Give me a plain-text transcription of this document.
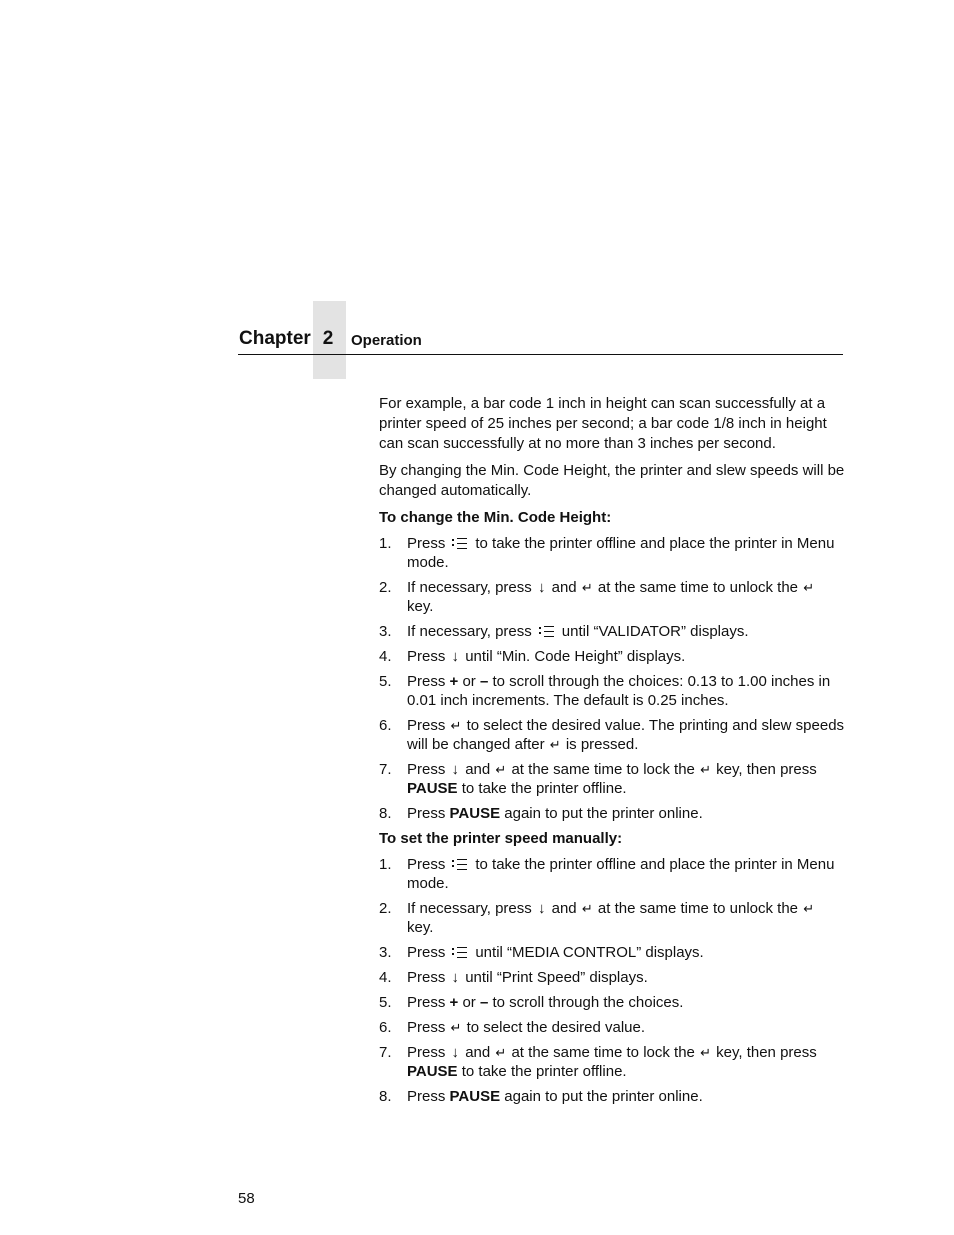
Chapter 2	Operation

For example, a bar code 1 inch in height can scan successfully at a printer speed of 25 inches per second; a bar code 1/8 inch in height can scan successfully at no more than 3 inches per second.

By changing the Min. Code Height, the printer and slew speeds will be changed automatically.

To change the Min. Code Height:

1.	Press to take the printer offline and place the printer in Menu mode.
2.	If necessary, press ↓ and ↵ at the same time to unlock the ↵ key.
3.	If necessary, press until “VALIDATOR” displays.
4.	Press ↓ until “Min. Code Height” displays.
5.	Press + or – to scroll through the choices: 0.13 to 1.00 inches in 0.01 inch increments. The default is 0.25 inches.
6.	Press ↵ to select the desired value. The printing and slew speeds will be changed after ↵ is pressed.
7.	Press ↓ and ↵ at the same time to lock the ↵ key, then press PAUSE to take the printer offline.
8.	Press PAUSE again to put the printer online.

To set the printer speed manually:

1.	Press to take the printer offline and place the printer in Menu mode.
2.	If necessary, press ↓ and ↵ at the same time to unlock the ↵ key.
3.	Press until “MEDIA CONTROL” displays.
4.	Press ↓ until “Print Speed” displays.
5.	Press + or – to scroll through the choices.
6.	Press ↵ to select the desired value.
7.	Press ↓ and ↵ at the same time to lock the ↵ key, then press PAUSE to take the printer offline.
8.	Press PAUSE again to put the printer online.
58
